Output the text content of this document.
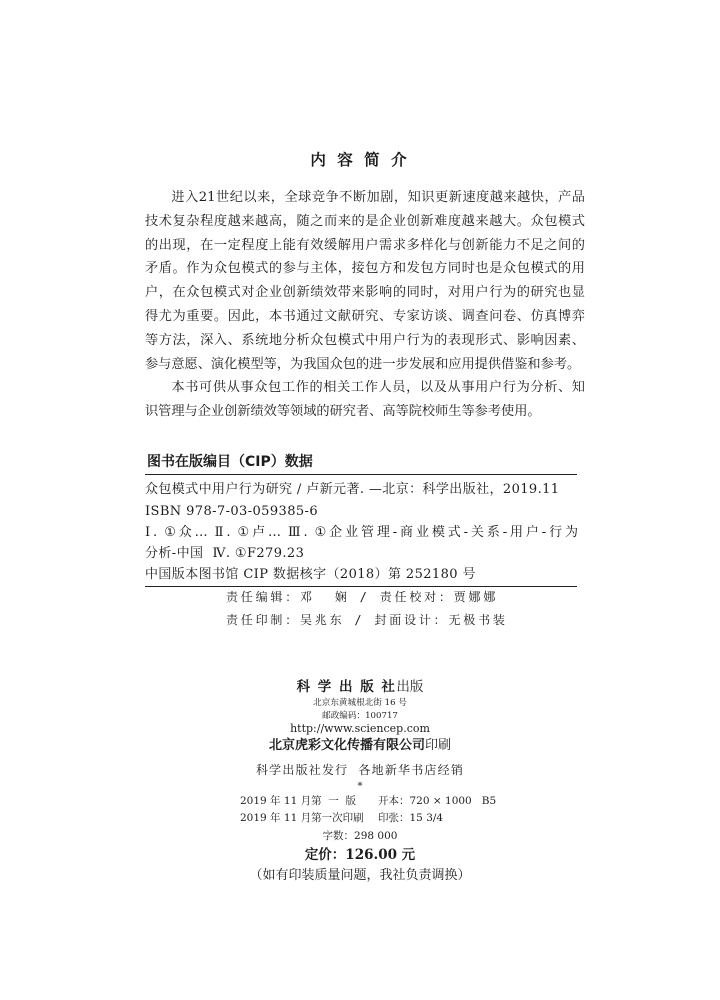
内 容 简 介
进入21世纪以来，全球竞争不断加剧，知识更新速度越来越快，产品
技术复杂程度越来越高，随之而来的是企业创新难度越来越大。众包模式
的出现，在一定程度上能有效缓解用户需求多样化与创新能力不足之间的
矛盾。作为众包模式的参与主体，接包方和发包方同时也是众包模式的用
户，在众包模式对企业创新绩效带来影响的同时，对用户行为的研究也显
得尤为重要。因此，本书通过文献研究、专家访谈、调查问卷、仿真博弈
等方法，深入、系统地分析众包模式中用户行为的表现形式、影响因素、
参与意愿、演化模型等，为我国众包的进一步发展和应用提供借鉴和参考。
本书可供从事众包工作的相关工作人员，以及从事用户行为分析、知
识管理与企业创新绩效等领域的研究者、高等院校师生等参考使用。
图书在版编目（CIP）数据
众包模式中用户行为研究 / 卢新元著. —北京：科学出版社，2019.11
ISBN 978-7-03-059385-6
Ⅰ. ①众… Ⅱ. ①卢… Ⅲ. ①企业管理-商业模式-关系-用户-行为
分析-中国  Ⅳ. ①F279.23
中国版本图书馆 CIP 数据核字（2018）第 252180 号
责任编辑：邓  娴 / 责任校对：贾娜娜
责任印制：吴兆东 / 封面设计：无极书装
科 学 出 版 社出版
北京东黄城根北街 16 号
邮政编码：100717
http://www.sciencep.com
北京虎彩文化传播有限公司印刷
科学出版社发行  各地新华书店经销
*
2019 年 11 月第  一  版 开本：720 × 1000   B5
2019 年 11 月第一次印刷 印张：15 3/4
字数：298 000
定价：126.00 元
（如有印装质量问题，我社负责调换）
